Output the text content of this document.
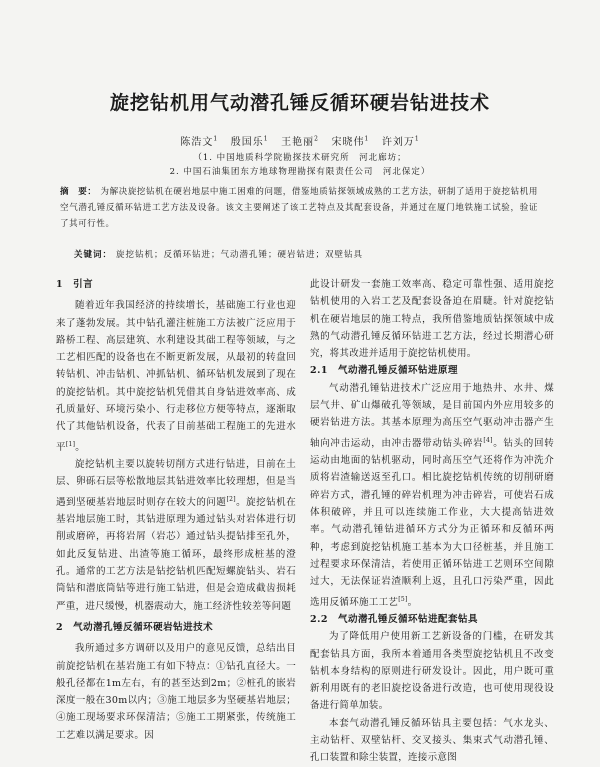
旋挖钻机用气动潜孔锤反循环硬岩钻进技术
陈浩文$^1$ 殷国乐$^1$ 王艳丽$^2$ 宋晓伟$^1$ 许刘万$^1$
（1. 中国地质科学院勘探技术研究所　河北廊坊；
2. 中国石油集团东方地球物理勘探有限责任公司　河北保定）
摘　要： 为解决旋挖钻机在硬岩地层中施工困难的问题，借鉴地质钻探领域成熟的工艺方法，研制了适用于旋挖钻机用空气潜孔锤反循环钻进工艺方法及设备。该文主要阐述了该工艺特点及其配套设备，并通过在厦门地铁施工试验，验证了其可行性。
关键词： 旋挖钻机；反循环钻进；气动潜孔锤；硬岩钻进；双壁钻具
1　引言

随着近年我国经济的持续增长，基础施工行业也迎来了蓬勃发展。其中钻孔灌注桩施工方法被广泛应用于路桥工程、高层建筑、水利建设其础工程等领域，与之工艺相匹配的设备也在不断更新发展，从最初的转盘回转钻机、冲击钻机、冲抓钻机、循环钻机发展到了现在的旋挖钻机。其中旋挖钻机凭借其自身钻进效率高、成孔质量好、环境污染小、行走移位方便等特点，逐渐取代了其他钻机设备，代表了目前基础工程施工的先进水平[1]。

旋挖钻机主要以旋转切削方式进行钻进，目前在土层、卵砾石层等松散地层其钻进效率比较理想，但是当遇到坚硬基岩地层时则存在较大的问题[2]。旋挖钻机在基岩地层施工时，其钻进原理为通过钻头对岩体进行切削或磨碎，再将岩屑（岩芯）通过钻头提钻排至孔外，如此反复钻进、出渣等施工循环，最终形成桩基的澄孔。通常的工艺方法是钻挖钻机匹配短螺旋钻头、岩石筒钻和潜底筒钻等进行施工钻进，但是会造成截齿损耗严重，进尺缓慢，机器震动大，施工经济性较差等问题

2　气动潜孔锤反循环硬岩钻进技术

我所通过多方调研以及用户的意见反馈，总结出目前旋挖钻机在基岩施工有如下特点：①钻孔直径大。一般孔径都在1m左右，有的甚至达到2m；②桩孔的嵌岩深度一般在30m以内；③施工地层多为坚硬基岩地层；④施工现场要求环保清洁；⑤施工工期紧张，传统施工工艺难以满足要求。因

此设计研发一套施工效率高、稳定可靠性强、适用旋挖钻机使用的入岩工艺及配套设备迫在眉睫。针对旋挖钻机在硬岩地层的施工特点，我所借鉴地质钻探领域中成熟的气动潜孔锤反循环钻进工艺方法，经过长期潜心研究，将其改进并适用于旋挖钻机使用。

2.1　气动潜孔锤反循环钻进原理

气动潜孔锤钻进技术广泛应用于地热井、水井、煤层气井、矿山爆破孔等领域，是目前国内外应用较多的硬岩钻进方法。其基本原理为高压空气驱动冲击器产生轴向冲击运动，由冲击器带动钻头碎岩[4]。钻头的回转运动由地面的钻机驱动，同时高压空气还将作为冲洗介质将岩渣输送返至孔口。相比旋挖钻机传统的切削研磨碎岩方式，潜孔锤的碎岩机理为冲击碎岩，可使岩石成体积破碎，并且可以连续施工作业，大大提高钻进效率。气动潜孔锤钻进循环方式分为正循环和反循环两种，考虑到旋挖钻机施工基本为大口径桩基，并且施工过程要求环保清洁，若使用正循环钻进工艺则环空间隙过大，无法保证岩渣顺利上返，且孔口污染严重，因此选用反循环施工工艺[5]。

2.2　气动潜孔锤反循环钻进配套钻具

为了降低用户使用新工艺新设备的门槛，在研发其配套钻具方面，我所本着通用各类型旋挖钻机且不改变钻机本身结构的原则进行研发设计。因此，用户既可重新利用既有的老旧旋挖设备进行改造，也可使用现役设备进行简单加装。

本套气动潜孔锤反循环钻具主要包括：气水龙头、主动钻杆、双壁钻杆、交叉接头、集束式气动潜孔锤、孔口装置和除尘装置，连接示意图
